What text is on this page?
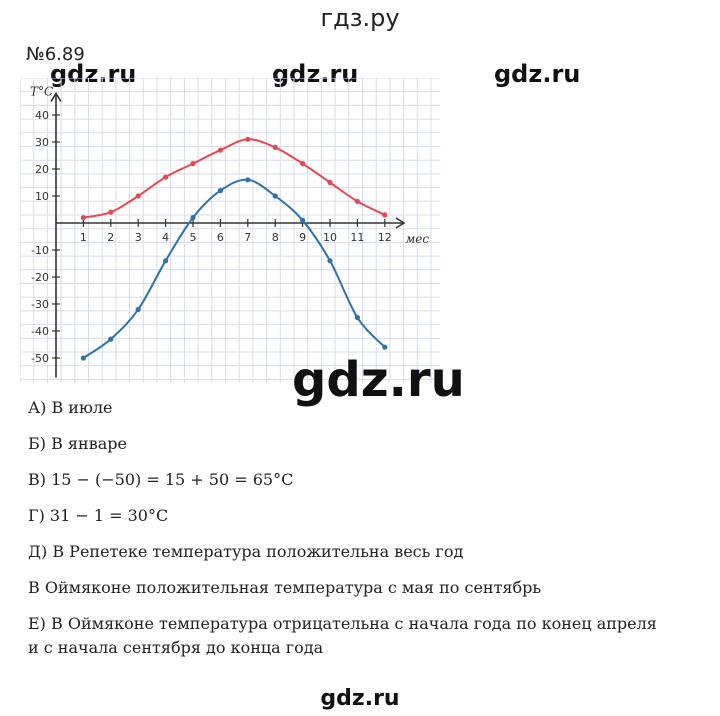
гдз.ру
№6.89
gdz.ru	gdz.ru	gdz.ru
T°C
мес
1 2 3 4 5 6 7 8 9 10 11 12
40
30
20
10
-10
-20
-30
-40
-50	gdz.ru
А) В июле
Б) В январе
В) 15 − (−50) = 15 + 50 = 65°C
Г) 31 − 1 = 30°C
Д) В Репетеке температура положительна весь год
В Оймяконе положительная температура с мая по сентябрь
Е) В Оймяконе температура отрицательна с начала года по конец апреля
и с начала сентября до конца года
gdz.ru
